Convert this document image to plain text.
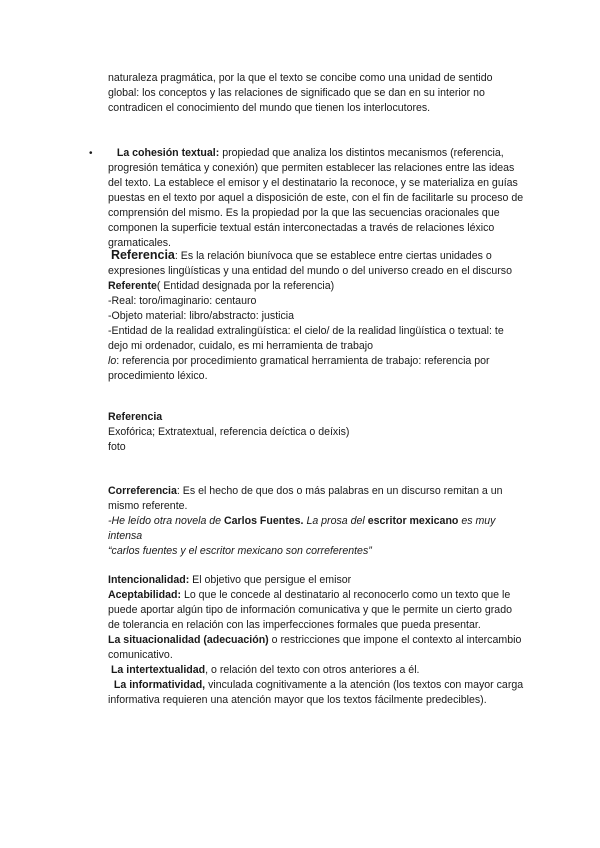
naturaleza pragmática, por la que el texto se concibe como una unidad de sentido global: los conceptos y las relaciones de significado que se dan en su interior no contradicen el conocimiento del mundo que tienen los interlocutores.

•	La cohesión textual: propiedad que analiza los distintos mecanismos (referencia, progresión temática y conexión) que permiten establecer las relaciones entre las ideas del texto. La establece el emisor y el destinatario la reconoce, y se materializa en guías puestas en el texto por aquel a disposición de este, con el fin de facilitarle su proceso de comprensión del mismo. Es la propiedad por la que las secuencias oracionales que componen la superficie textual están interconectadas a través de relaciones léxico gramaticales.

Referencia: Es la relación biunívoca que se establece entre ciertas unidades o expresiones lingüísticas y una entidad del mundo o del universo creado en el discurso

Referente( Entidad designada por la referencia)

-Real: toro/imaginario: centauro

-Objeto material: libro/abstracto: justicia

-Entidad de la realidad extralingüística: el cielo/ de la realidad lingüística o textual: te dejo mi ordenador, cuidalo, es mi herramienta de trabajo

lo: referencia por procedimiento gramatical herramienta de trabajo: referencia por procedimiento léxico.

Referencia

Exofórica; Extratextual, referencia deíctica o deíxis)

foto

Correferencia: Es el hecho de que dos o más palabras en un discurso remitan a un mismo referente.

-He leído otra novela de Carlos Fuentes. La prosa del escritor mexicano es muy intensa

“carlos fuentes y el escritor mexicano son correferentes”

Intencionalidad: El objetivo que persigue el emisor

Aceptabilidad: Lo que le concede al destinatario al reconocerlo como un texto que le puede aportar algún tipo de información comunicativa y que le permite un cierto grado de tolerancia en relación con las imperfecciones formales que pueda presentar.

La situacionalidad (adecuación) o restricciones que impone el contexto al intercambio comunicativo.

La intertextualidad, o relación del texto con otros anteriores a él.

La informatividad, vinculada cognitivamente a la atención (los textos con mayor carga informativa requieren una atención mayor que los textos fácilmente predecibles).
